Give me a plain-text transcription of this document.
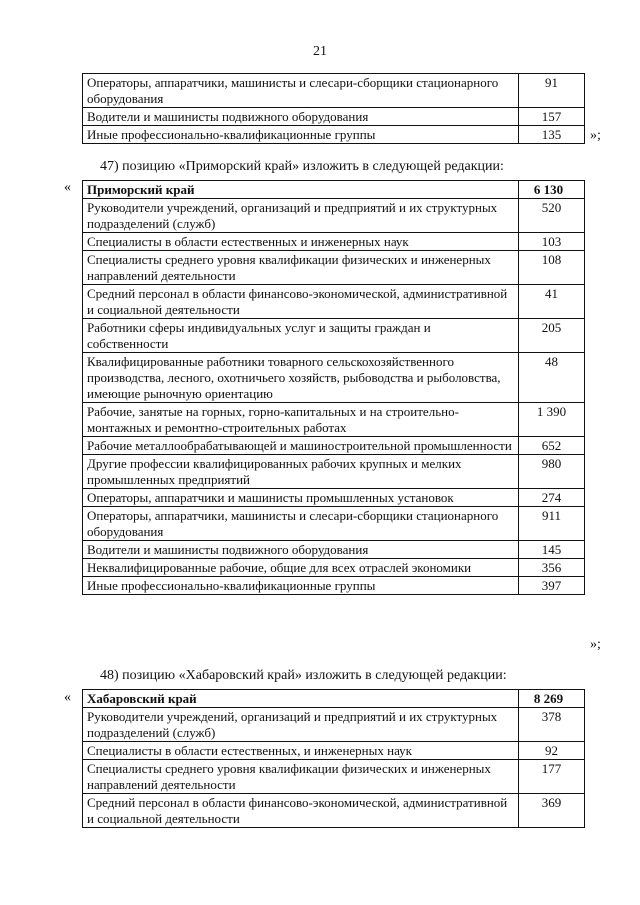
21
Операторы, аппаратчики, машинисты и слесари-сборщики стационарного оборудования	91
Водители и машинисты подвижного оборудования	157
Иные профессионально-квалификационные группы	135 »;
47) позицию «Приморский край» изложить в следующей редакции:
« Приморский край	6 130
Руководители учреждений, организаций и предприятий и их структурных подразделений (служб)	520
Специалисты в области естественных и инженерных наук	103
Специалисты среднего уровня квалификации физических и инженерных направлений деятельности	108
Средний персонал в области финансово-экономической, административной и социальной деятельности	41
Работники сферы индивидуальных услуг и защиты граждан и собственности	205
Квалифицированные работники товарного сельскохозяйственного производства, лесного, охотничьего хозяйств, рыбоводства и рыболовства, имеющие рыночную ориентацию	48
Рабочие, занятые на горных, горно-капитальных и на строительно-монтажных и ремонтно-строительных работах	1 390
Рабочие металлообрабатывающей и машиностроительной промышленности	652
Другие профессии квалифицированных рабочих крупных и мелких промышленных предприятий	980
Операторы, аппаратчики и машинисты промышленных установок	274
Операторы, аппаратчики, машинисты и слесари-сборщики стационарного оборудования	911
Водители и машинисты подвижного оборудования	145
Неквалифицированные рабочие, общие для всех отраслей экономики	356
Иные профессионально-квалификационные группы	397
»;
48) позицию «Хабаровский край» изложить в следующей редакции:
« Хабаровский край	8 269
Руководители учреждений, организаций и предприятий и их структурных подразделений (служб)	378
Специалисты в области естественных, и инженерных наук	92
Специалисты среднего уровня квалификации физических и инженерных направлений деятельности	177
Средний персонал в области финансово-экономической, административной и социальной деятельности	369
